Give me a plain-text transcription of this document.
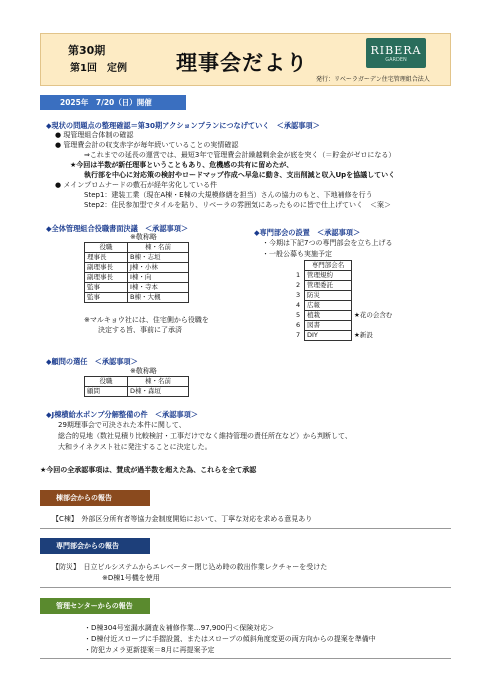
第30期
第1回　定例 理事会だより
RIBERA
GARDEN
発行：リベーラガーデン住宅管理組合法人
2025年　7/20（日）開催
◆現状の問題点の整理確認＝第30期アクションプランにつなげていく　＜承認事項＞
● 現管理組合体制の確認
● 管理費会計の収支赤字が毎年続いていることの実情確認
⇒これまでの延長の運営では、最短3年で管理費会計繰越剰余金が底を突く（＝貯金がゼロになる）
★今回は半数が新任理事ということもあり、危機感の共有に留めたが、
執行部を中心に対応策の検討やロードマップ作成へ早急に動き、支出削減と収入Upを協議していく
● メインプロムナードの敷石が経年劣化している件
Step1：建装工業（現在A棟・E棟の大規模修繕を担当）さんの協力のもと、下地補修を行う
Step2：住民参加型でタイルを貼り、リベーラの雰囲気にあったものに皆で仕上げていく　＜案＞
◆全体管理組合役職書面決議　＜承認事項＞
※敬称略
役職	棟・名前
理事長	B棟・志垣
副理事長	J棟・小林
副理事長	I棟・向
監事	I棟・寺本
監事	B棟・大槻
※マルキョウ社には、住宅側から役職を
決定する旨、事前に了承済
◆専門部会の設置　＜承認事項＞
・今期は下記7つの専門部会を立ち上げる
・一般公募も実施予定
	専門部会名	
1	管理規約	
2	管理委託	
3	防災	
4	広報	
5	植栽	★花の会含む
6	図書	
7	DIY	★新設
◆顧問の選任　＜承認事項＞
※敬称略
役職	棟・名前
顧問	D棟・森垣
◆J棟横給水ポンプ分解整備の件　＜承認事項＞
29期理事会で可決された本件に関して、
総合的見地（数社見積り比較検討・工事だけでなく維持管理の責任所在など）から判断して、
大和ライネクスト社に発注することに決定した。
★今回の全承認事項は、賛成が過半数を超えた為、これらを全て承認
棟部会からの報告
【C棟】　外部区分所有者等協力金制度開始において、丁寧な対応を求める意見あり
専門部会からの報告
【防災】　日立ビルシステムからエレベーター閉じ込め時の救出作業レクチャーを受けた
※D棟1号機を使用
管理センターからの報告
・D棟304号室漏水調査＆補修作業…97,900円＜保険対応＞
・D棟付近スロープに手摺設置、またはスロープの傾斜角度変更の両方向からの提案を準備中
・防犯カメラ更新提案＝8月に再提案予定
